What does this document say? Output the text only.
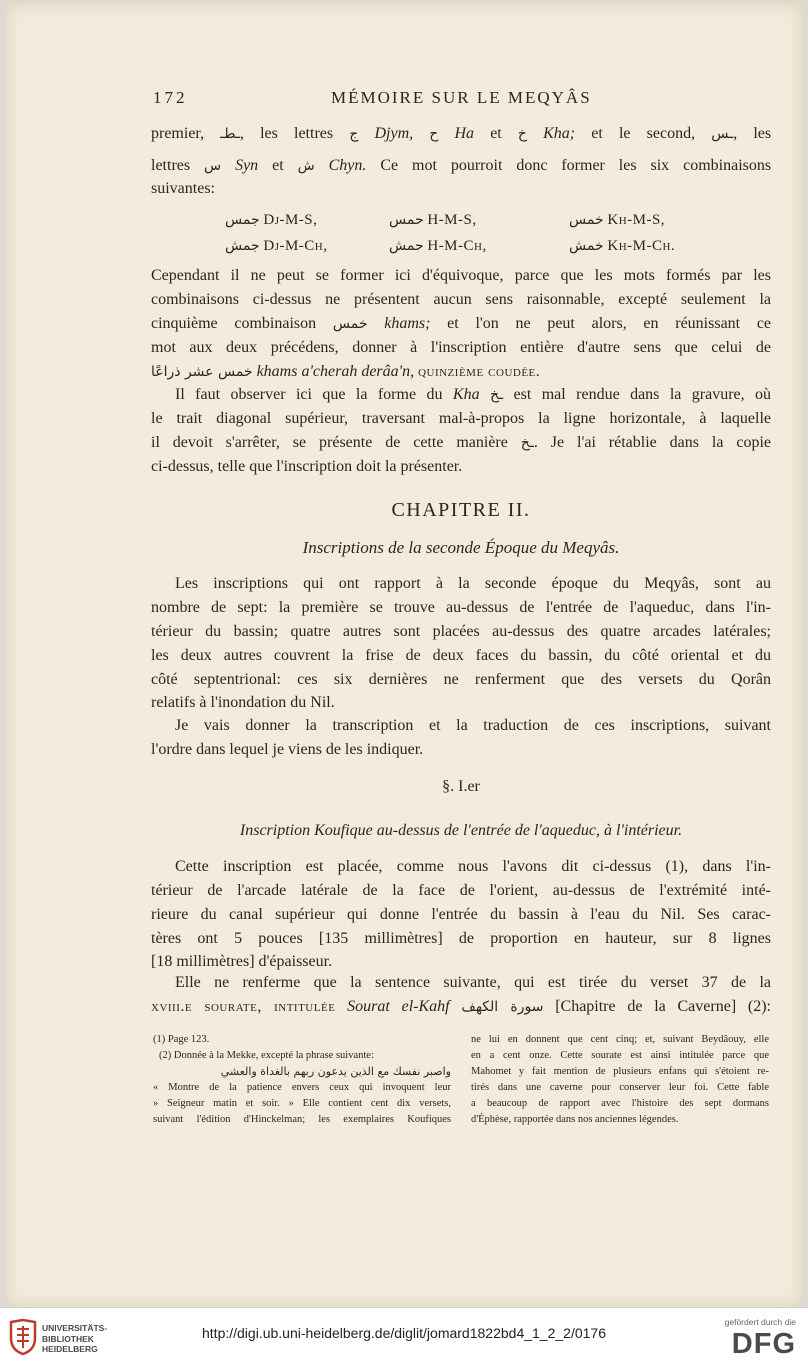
172	MÉMOIRE SUR LE MEQYÂS
premier, ـطـ, les lettres ج Djym, ح Ha et خ Kha; et le second, ـس, les
lettres س Syn et ش Chyn. Ce mot pourroit donc former les six combinaisons
suivantes:
جمس Dj-M-S,	حمس H-M-S,	خمس Kh-M-S,
جمش Dj-M-Ch,	حمش H-M-Ch,	خمش Kh-M-Ch.
Cependant il ne peut se former ici d'équivoque, parce que les mots formés par les
combinaisons ci-dessus ne présentent aucun sens raisonnable, excepté seulement la
cinquième combinaison خمس khams; et l'on ne peut alors, en réunissant ce
mot aux deux précédens, donner à l'inscription entière d'autre sens que celui de
خمس عشر ذراعًا khams a'cherah derâa'n, quinzième coudée.
Il faut observer ici que la forme du Kha ـخ est mal rendue dans la gravure, où
le trait diagonal supérieur, traversant mal-à-propos la ligne horizontale, à laquelle
il devoit s'arrêter, se présente de cette manière ـخ. Je l'ai rétablie dans la copie
ci-dessus, telle que l'inscription doit la présenter.
CHAPITRE II.
Inscriptions de la seconde Époque du Meqyâs.
Les inscriptions qui ont rapport à la seconde époque du Meqyâs, sont au
nombre de sept: la première se trouve au-dessus de l'entrée de l'aqueduc, dans l'in-
térieur du bassin; quatre autres sont placées au-dessus des quatre arcades latérales;
les deux autres couvrent la frise de deux faces du bassin, du côté oriental et du
côté septentrional: ces six dernières ne renferment que des versets du Qorân
relatifs à l'inondation du Nil.
Je vais donner la transcription et la traduction de ces inscriptions, suivant
l'ordre dans lequel je viens de les indiquer.
§. I.er
Inscription Koufique au-dessus de l'entrée de l'aqueduc, à l'intérieur.
Cette inscription est placée, comme nous l'avons dit ci-dessus (1), dans l'in-
térieur de l'arcade latérale de la face de l'orient, au-dessus de l'extrémité inté-
rieure du canal supérieur qui donne l'entrée du bassin à l'eau du Nil. Ses carac-
tères ont 5 pouces [135 millimètres] de proportion en hauteur, sur 8 lignes
[18 millimètres] d'épaisseur.
Elle ne renferme que la sentence suivante, qui est tirée du verset 37 de la
xviii.e sourate, intitulée Sourat el-Kahf سورة الكهف [Chapitre de la Caverne] (2):
(1) Page 123.
(2) Donnée à la Mekke, excepté la phrase suivante:
واصبر نفسك مع الذين يدعون ربهم بالغداة والعشي
« Montre de la patience envers ceux qui invoquent leur
» Seigneur matin et soir. » Elle contient cent dix versets,
suivant l'édition d'Hinckelman; les exemplaires Koufiques
ne lui en donnent que cent cinq; et, suivant Beydâouy, elle
en a cent onze. Cette sourate est ainsi intitulée parce que
Mahomet y fait mention de plusieurs enfans qui s'étoient re-
tirés dans une caverne pour conserver leur foi. Cette fable
a beaucoup de rapport avec l'histoire des sept dormans
d'Éphèse, rapportée dans nos anciennes légendes.
UNIVERSITÄTS-
BIBLIOTHEK
HEIDELBERG
http://digi.ub.uni-heidelberg.de/diglit/jomard1822bd4_1_2_2/0176
gefördert durch die
DFG
